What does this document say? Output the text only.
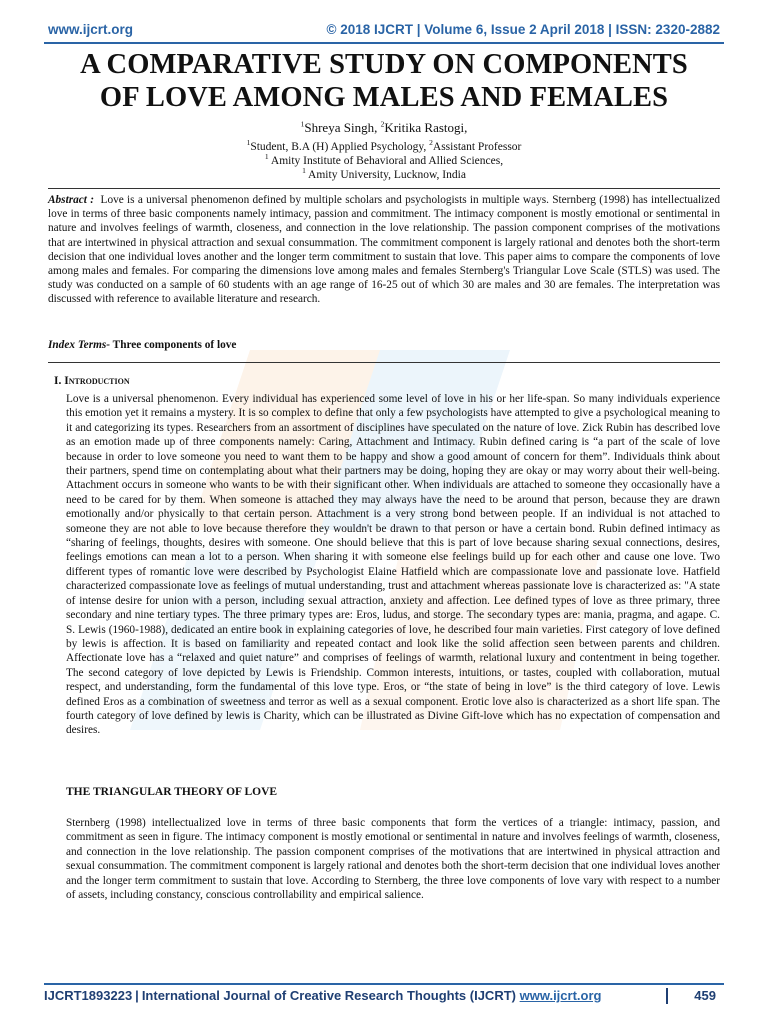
www.ijcrt.org	© 2018 IJCRT | Volume 6, Issue 2 April 2018 | ISSN: 2320-2882
A COMPARATIVE STUDY ON COMPONENTS
OF LOVE AMONG MALES AND FEMALES
$^1$Shreya Singh, $^2$Kritika Rastogi,
$^1$Student, B.A (H) Applied Psychology, $^2$Assistant Professor
$^1$ Amity Institute of Behavioral and Allied Sciences,
$^1$ Amity University, Lucknow, India

Abstract : Love is a universal phenomenon defined by multiple scholars and psychologists in multiple ways. Sternberg (1998) has intellectualized love in terms of three basic components namely intimacy, passion and commitment. The intimacy component is mostly emotional or sentimental in nature and involves feelings of warmth, closeness, and connection in the love relationship. The passion component comprises of the motivations that are intertwined in physical attraction and sexual consummation. The commitment component is largely rational and denotes both the short-term decision that one individual loves another and the longer term commitment to sustain that love. This paper aims to compare the components of love among males and females. For comparing the dimensions love among males and females Sternberg's Triangular Love Scale (STLS) was used. The study was conducted on a sample of 60 students with an age range of 16-25 out of which 30 are males and 30 are females. The interpretation was discussed with reference to available literature and research.

Index Terms- Three components of love
I. Introduction

Love is a universal phenomenon. Every individual has experienced some level of love in his or her life-span. So many individuals experience this emotion yet it remains a mystery. It is so complex to define that only a few psychologists have attempted to give a psychological meaning to it and categorizing its types. Researchers from an assortment of disciplines have speculated on the nature of love. Zick Rubin has described love as an emotion made up of three components namely: Caring, Attachment and Intimacy. Rubin defined caring is “a part of the scale of love because in order to love someone you need to want them to be happy and show a good amount of concern for them”. Individuals think about their partners, spend time on contemplating about what their partners may be doing, hoping they are okay or may worry about their well-being. Attachment occurs in someone who wants to be with their significant other. When individuals are attached to someone they occasionally have a need to be cared for by them. When someone is attached they may always have the need to be around that person, because they are drawn emotionally and/or physically to that certain person. Attachment is a very strong bond between people. If an individual is not attached to someone they are not able to love because therefore they wouldn't be drawn to that person or have a certain bond. Rubin defined intimacy as “sharing of feelings, thoughts, desires with someone. One should believe that this is part of love because sharing sexual connections, desires, feelings emotions can mean a lot to a person. When sharing it with someone else feelings build up for each other and cause one love. Two different types of romantic love were described by Psychologist Elaine Hatfield which are compassionate love and passionate love. Hatfield characterized compassionate love as feelings of mutual understanding, trust and attachment whereas passionate love is characterized as: "A state of intense desire for union with a person, including sexual attraction, anxiety and affection. Lee defined types of love as three primary, three secondary and nine tertiary types. The three primary types are: Eros, ludus, and storge. The secondary types are: mania, pragma, and agape. C. S. Lewis (1960-1988), dedicated an entire book in explaining categories of love, he described four main varieties. First category of love defined by lewis is affection. It is based on familiarity and repeated contact and look like the solid affection seen between parents and children. Affectionate love has a “relaxed and quiet nature” and comprises of feelings of warmth, relational luxury and contentment in being together. The second category of love depicted by Lewis is Friendship. Common interests, intuitions, or tastes, coupled with collaboration, mutual respect, and understanding, form the fundamental of this love type. Eros, or “the state of being in love” is the third category of love. Lewis defined Eros as a combination of sweetness and terror as well as a sexual component. Erotic love also is characterized as a short life span. The fourth category of love defined by lewis is Charity, which can be illustrated as Divine Gift-love which has no expectation of compensation and desires.

THE TRIANGULAR THEORY OF LOVE

Sternberg (1998) intellectualized love in terms of three basic components that form the vertices of a triangle: intimacy, passion, and commitment as seen in figure. The intimacy component is mostly emotional or sentimental in nature and involves feelings of warmth, closeness, and connection in the love relationship. The passion component comprises of the motivations that are intertwined in physical attraction and sexual consummation. The commitment component is largely rational and denotes both the short-term decision that one individual loves another and the longer term commitment to sustain that love. According to Sternberg, the three love components of love vary with respect to a number of assets, including constancy, conscious controllability and empirical salience.

IJCRT1893223 | International Journal of Creative Research Thoughts (IJCRT) www.ijcrt.org	459
